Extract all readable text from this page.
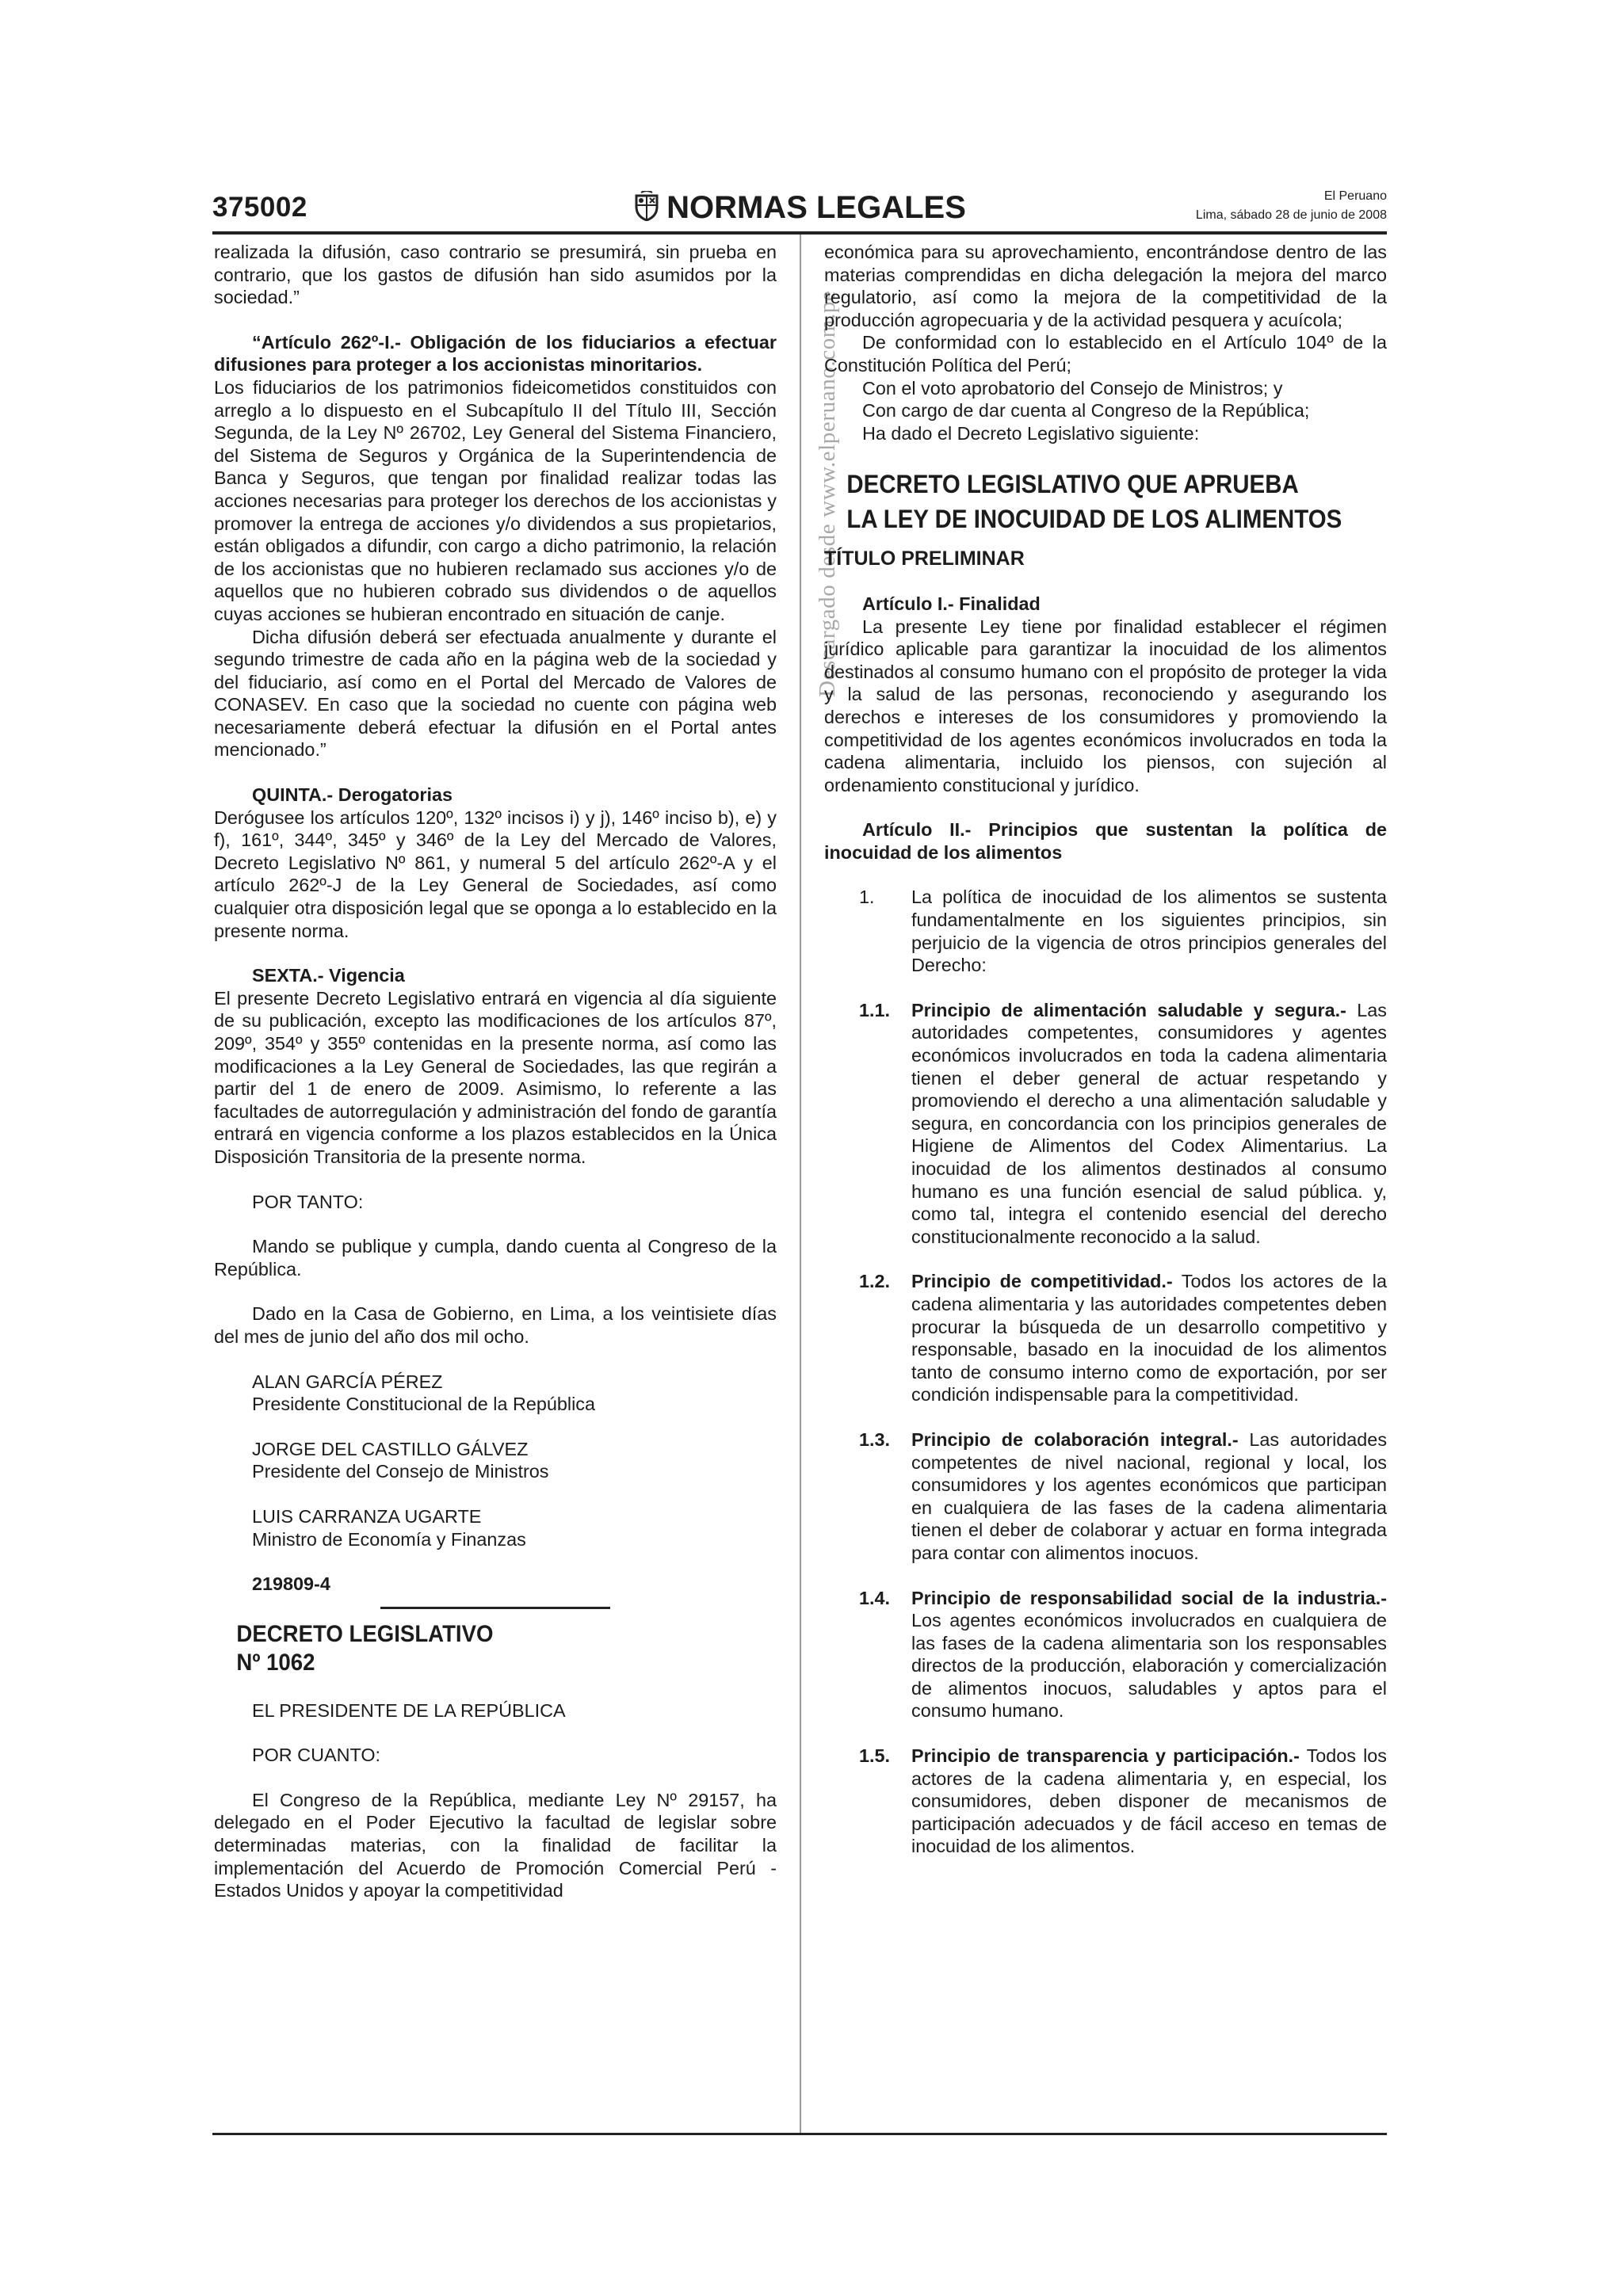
375002	NORMAS LEGALES	El Peruano
Lima, sábado 28 de junio de 2008
Descargado desde www.elperuano.com.pe

realizada la difusión, caso contrario se presumirá, sin prueba en contrario, que los gastos de difusión han sido asumidos por la sociedad.”

“Artículo 262º-I.- Obligación de los fiduciarios a efectuar difusiones para proteger a los accionistas minoritarios.

Los fiduciarios de los patrimonios fideicometidos constituidos con arreglo a lo dispuesto en el Subcapítulo II del Título III, Sección Segunda, de la Ley Nº 26702, Ley General del Sistema Financiero, del Sistema de Seguros y Orgánica de la Superintendencia de Banca y Seguros, que tengan por finalidad realizar todas las acciones necesarias para proteger los derechos de los accionistas y promover la entrega de acciones y/o dividendos a sus propietarios, están obligados a difundir, con cargo a dicho patrimonio, la relación de los accionistas que no hubieren reclamado sus acciones y/o de aquellos que no hubieren cobrado sus dividendos o de aquellos cuyas acciones se hubieran encontrado en situación de canje.

Dicha difusión deberá ser efectuada anualmente y durante el segundo trimestre de cada año en la página web de la sociedad y del fiduciario, así como en el Portal del Mercado de Valores de CONASEV. En caso que la sociedad no cuente con página web necesariamente deberá efectuar la difusión en el Portal antes mencionado.”

QUINTA.- Derogatorias

Derógusee los artículos 120º, 132º incisos i) y j), 146º inciso b), e) y f), 161º, 344º, 345º y 346º de la Ley del Mercado de Valores, Decreto Legislativo Nº 861, y numeral 5 del artículo 262º-A y el artículo 262º-J de la Ley General de Sociedades, así como cualquier otra disposición legal que se oponga a lo establecido en la presente norma.

SEXTA.- Vigencia

El presente Decreto Legislativo entrará en vigencia al día siguiente de su publicación, excepto las modificaciones de los artículos 87º, 209º, 354º y 355º contenidas en la presente norma, así como las modificaciones a la Ley General de Sociedades, las que regirán a partir del 1 de enero de 2009. Asimismo, lo referente a las facultades de autorregulación y administración del fondo de garantía entrará en vigencia conforme a los plazos establecidos en la Única Disposición Transitoria de la presente norma.

POR TANTO:

Mando se publique y cumpla, dando cuenta al Congreso de la República.

Dado en la Casa de Gobierno, en Lima, a los veintisiete días del mes de junio del año dos mil ocho.

ALAN GARCÍA PÉREZ

Presidente Constitucional de la República

JORGE DEL CASTILLO GÁLVEZ

Presidente del Consejo de Ministros

LUIS CARRANZA UGARTE

Ministro de Economía y Finanzas

219809-4

DECRETO LEGISLATIVO

Nº 1062

EL PRESIDENTE DE LA REPÚBLICA

POR CUANTO:

El Congreso de la República, mediante Ley Nº 29157, ha delegado en el Poder Ejecutivo la facultad de legislar sobre determinadas materias, con la finalidad de facilitar la implementación del Acuerdo de Promoción Comercial Perú - Estados Unidos y apoyar la competitividad

económica para su aprovechamiento, encontrándose dentro de las materias comprendidas en dicha delegación la mejora del marco regulatorio, así como la mejora de la competitividad de la producción agropecuaria y de la actividad pesquera y acuícola;

De conformidad con lo establecido en el Artículo 104º de la Constitución Política del Perú;

Con el voto aprobatorio del Consejo de Ministros; y

Con cargo de dar cuenta al Congreso de la República;

Ha dado el Decreto Legislativo siguiente:

DECRETO LEGISLATIVO QUE APRUEBA

LA LEY DE INOCUIDAD DE LOS ALIMENTOS

TÍTULO PRELIMINAR

Artículo I.- Finalidad

La presente Ley tiene por finalidad establecer el régimen jurídico aplicable para garantizar la inocuidad de los alimentos destinados al consumo humano con el propósito de proteger la vida y la salud de las personas, reconociendo y asegurando los derechos e intereses de los consumidores y promoviendo la competitividad de los agentes económicos involucrados en toda la cadena alimentaria, incluido los piensos, con sujeción al ordenamiento constitucional y jurídico.

Artículo II.- Principios que sustentan la política de inocuidad de los alimentos

1. La política de inocuidad de los alimentos se sustenta fundamentalmente en los siguientes principios, sin perjuicio de la vigencia de otros principios generales del Derecho:

1.1. Principio de alimentación saludable y segura.- Las autoridades competentes, consumidores y agentes económicos involucrados en toda la cadena alimentaria tienen el deber general de actuar respetando y promoviendo el derecho a una alimentación saludable y segura, en concordancia con los principios generales de Higiene de Alimentos del Codex Alimentarius. La inocuidad de los alimentos destinados al consumo humano es una función esencial de salud pública. y, como tal, integra el contenido esencial del derecho constitucionalmente reconocido a la salud.

1.2. Principio de competitividad.- Todos los actores de la cadena alimentaria y las autoridades competentes deben procurar la búsqueda de un desarrollo competitivo y responsable, basado en la inocuidad de los alimentos tanto de consumo interno como de exportación, por ser condición indispensable para la competitividad.

1.3. Principio de colaboración integral.- Las autoridades competentes de nivel nacional, regional y local, los consumidores y los agentes económicos que participan en cualquiera de las fases de la cadena alimentaria tienen el deber de colaborar y actuar en forma integrada para contar con alimentos inocuos.

1.4. Principio de responsabilidad social de la industria.- Los agentes económicos involucrados en cualquiera de las fases de la cadena alimentaria son los responsables directos de la producción, elaboración y comercialización de alimentos inocuos, saludables y aptos para el consumo humano.

1.5. Principio de transparencia y participación.- Todos los actores de la cadena alimentaria y, en especial, los consumidores, deben disponer de mecanismos de participación adecuados y de fácil acceso en temas de inocuidad de los alimentos.
